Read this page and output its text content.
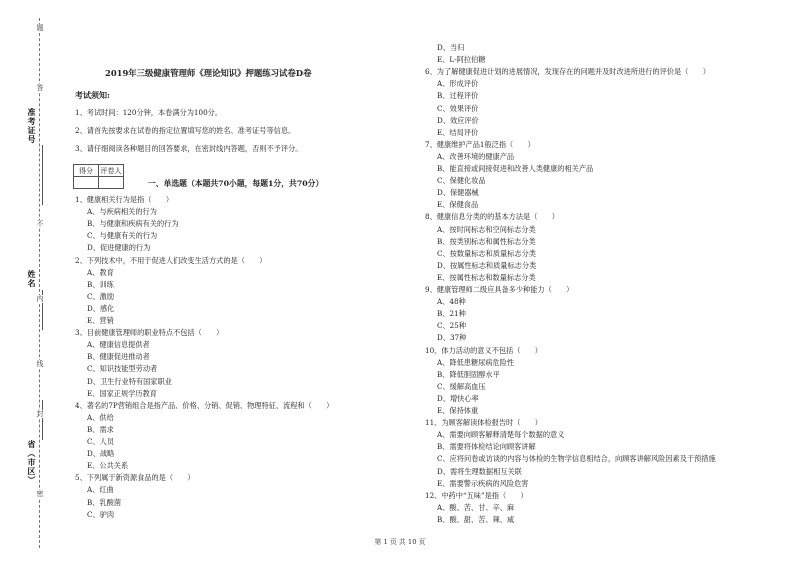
题
准考证号
答
不
姓名
内
线
省（市区）
封
密
2019年三级健康管理师《理论知识》押题练习试卷D卷
考试须知:
1、考试时间：120分钟，本卷满分为100分。
2、请首先按要求在试卷的指定位置填写您的姓名、准考证号等信息。
3、请仔细阅读各种题目的回答要求，在密封线内答题，否则不予评分。
得分	评卷人

一、单选题（本题共70小题，每题1分，共70分）
1、健康相关行为是指（　　）
A、与疾病相关的行为
B、与健康和疾病有关的行为
C、与健康有关的行为
D、促进健康的行为
2、下列技术中，不用于促进人们改变生活方式的是（　　）
A、教育
B、训练
C、激励
D、感化
E、营销
3、目前健康管理师的职业特点不包括（　　）
A、健康信息提供者
B、健康促进推动者
C、知识技能型劳动者
D、卫生行业特有国家职业
E、国家正规学历教育
4、著名的7P营销组合是指产品、价格、分销、促销、物理特征、流程和（　　）
A、供给
B、需求
C、人员
D、战略
E、公共关系
5、下列属于新资源食品的是（　　）
A、红曲
B、乳酸菌
C、驴肉
D、当归
E、L-阿拉伯糖
6、为了解健康促进计划的进展情况，发现存在的问题并及时改进所进行的评价是（　　）
A、形成评价
B、过程评价
C、效果评价
D、效应评价
E、结局评价
7、健康维护产品1般泛指（　　）
A、改善环境的健康产品
B、能直接或间接促进和改善人类健康的相关产品
C、保健化妆品
D、保健器械
E、保健食品
8、健康信息分类的的基本方法是（　　）
A、按时间标志和空间标志分类
B、按类别标志和属性标志分类
C、按数量标志和质量标志分类
D、按属性标志和质量标志分类
E、按属性标志和数量标志分类
9、健康管理师二级应具备多少种能力（　　）
A、48种
B、21种
C、25种
D、37种
10、体力活动的意义不包括（　　）
A、降低患糖尿病危险性
B、降低胆固醇水平
C、缓解高血压
D、增快心率
E、保持体重
11、为顾客解读体检报告时（　　）
A、需要向顾客解释清楚每个数据的意义
B、需要将体检结论向顾客讲解
C、应将问卷或访谈的内容与体检的生物学信息相结合，向顾客讲解风险因素及干预措施
D、需将生理数据相互关联
E、需要警示疾病的风险危害
12、中药中“五味”是指（　　）
A、酸、苦、甘、辛、麻
B、酸、甜、苦、辣、咸
第 1 页 共 10 页
